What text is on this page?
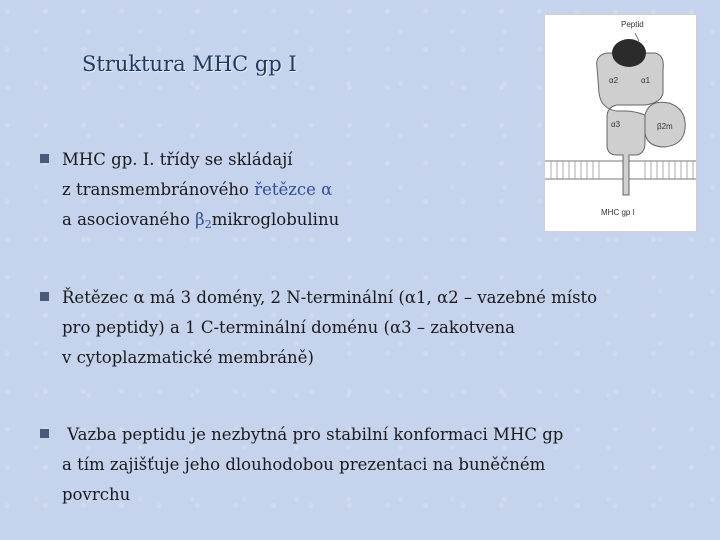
Struktura MHC gp I
Peptid
α2	α1
α3	β2m
MHC gp I
MHC gp. I. třídy se skládají
z transmembránového řetězce α
a asociovaného $\beta_2mikroglobulinu$
Řetězec α má 3 domény, 2 N-terminální (α1, α2 – vazebné místo
pro peptidy) a 1 C-terminální doménu (α3 – zakotvena
v cytoplazmatické membráně)
Vazba peptidu je nezbytná pro stabilní konformaci MHC gp
a tím zajišťuje jeho dlouhodobou prezentaci na buněčném
povrchu
